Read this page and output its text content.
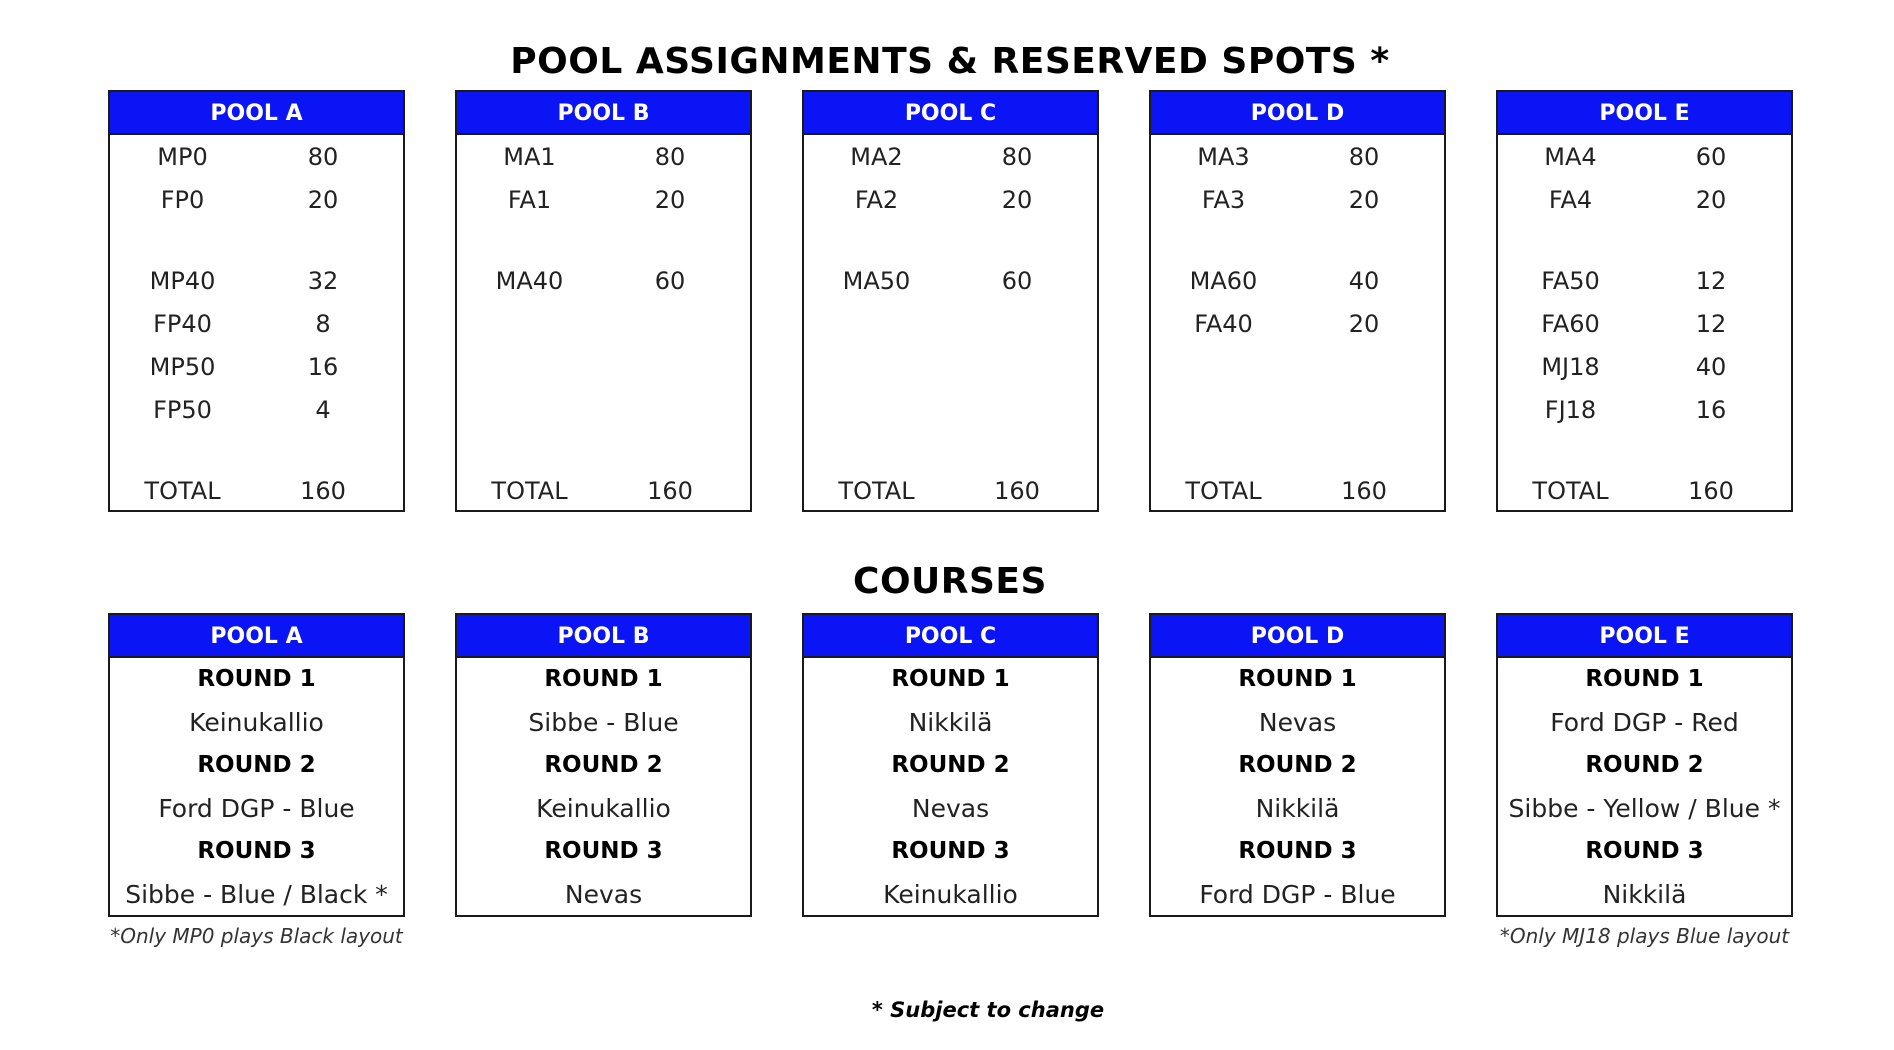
POOL ASSIGNMENTS & RESERVED SPOTS *
POOL A
MP0	80
FP0	20
MP40	32
FP40	8
MP50	16
FP50	4
TOTAL	160
POOL B
MA1	80
FA1	20
MA40	60
TOTAL	160
POOL C
MA2	80
FA2	20
MA50	60
TOTAL	160
POOL D
MA3	80
FA3	20
MA60	40
FA40	20
TOTAL	160
POOL E
MA4	60
FA4	20
FA50	12
FA60	12
MJ18	40
FJ18	16
TOTAL	160
COURSES
POOL A
ROUND 1
Keinukallio
ROUND 2
Ford DGP - Blue
ROUND 3
Sibbe - Blue / Black *
*Only MP0 plays Black layout
POOL B
ROUND 1
Sibbe - Blue
ROUND 2
Keinukallio
ROUND 3
Nevas
POOL C
ROUND 1
Nikkilä
ROUND 2
Nevas
ROUND 3
Keinukallio
POOL D
ROUND 1
Nevas
ROUND 2
Nikkilä
ROUND 3
Ford DGP - Blue
POOL E
ROUND 1
Ford DGP - Red
ROUND 2
Sibbe - Yellow / Blue *
ROUND 3
Nikkilä
*Only MJ18 plays Blue layout
* Subject to change
